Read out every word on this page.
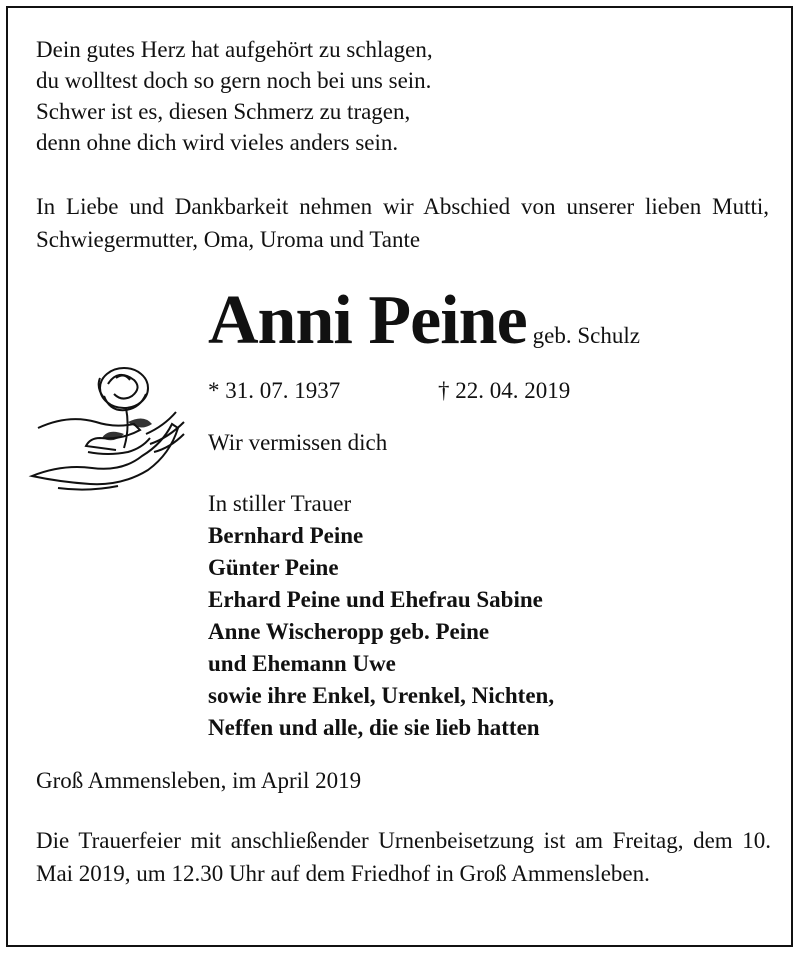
Dein gutes Herz hat aufgehört zu schlagen,
du wolltest doch so gern noch bei uns sein.
Schwer ist es, diesen Schmerz zu tragen,
denn ohne dich wird vieles anders sein.
In Liebe und Dankbarkeit nehmen wir Abschied von unserer lieben Mutti, Schwiegermutter, Oma, Uroma und Tante
Anni Peine geb. Schulz
* 31. 07. 1937	† 22. 04. 2019
Wir vermissen dich
In stiller Trauer
Bernhard Peine
Günter Peine
Erhard Peine und Ehefrau Sabine
Anne Wischeropp geb. Peine
und Ehemann Uwe
sowie ihre Enkel, Urenkel, Nichten,
Neffen und alle, die sie lieb hatten
Groß Ammensleben, im April 2019
Die Trauerfeier mit anschließender Urnenbeisetzung ist am Freitag, dem 10. Mai 2019, um 12.30 Uhr auf dem Friedhof in Groß Ammensleben.
